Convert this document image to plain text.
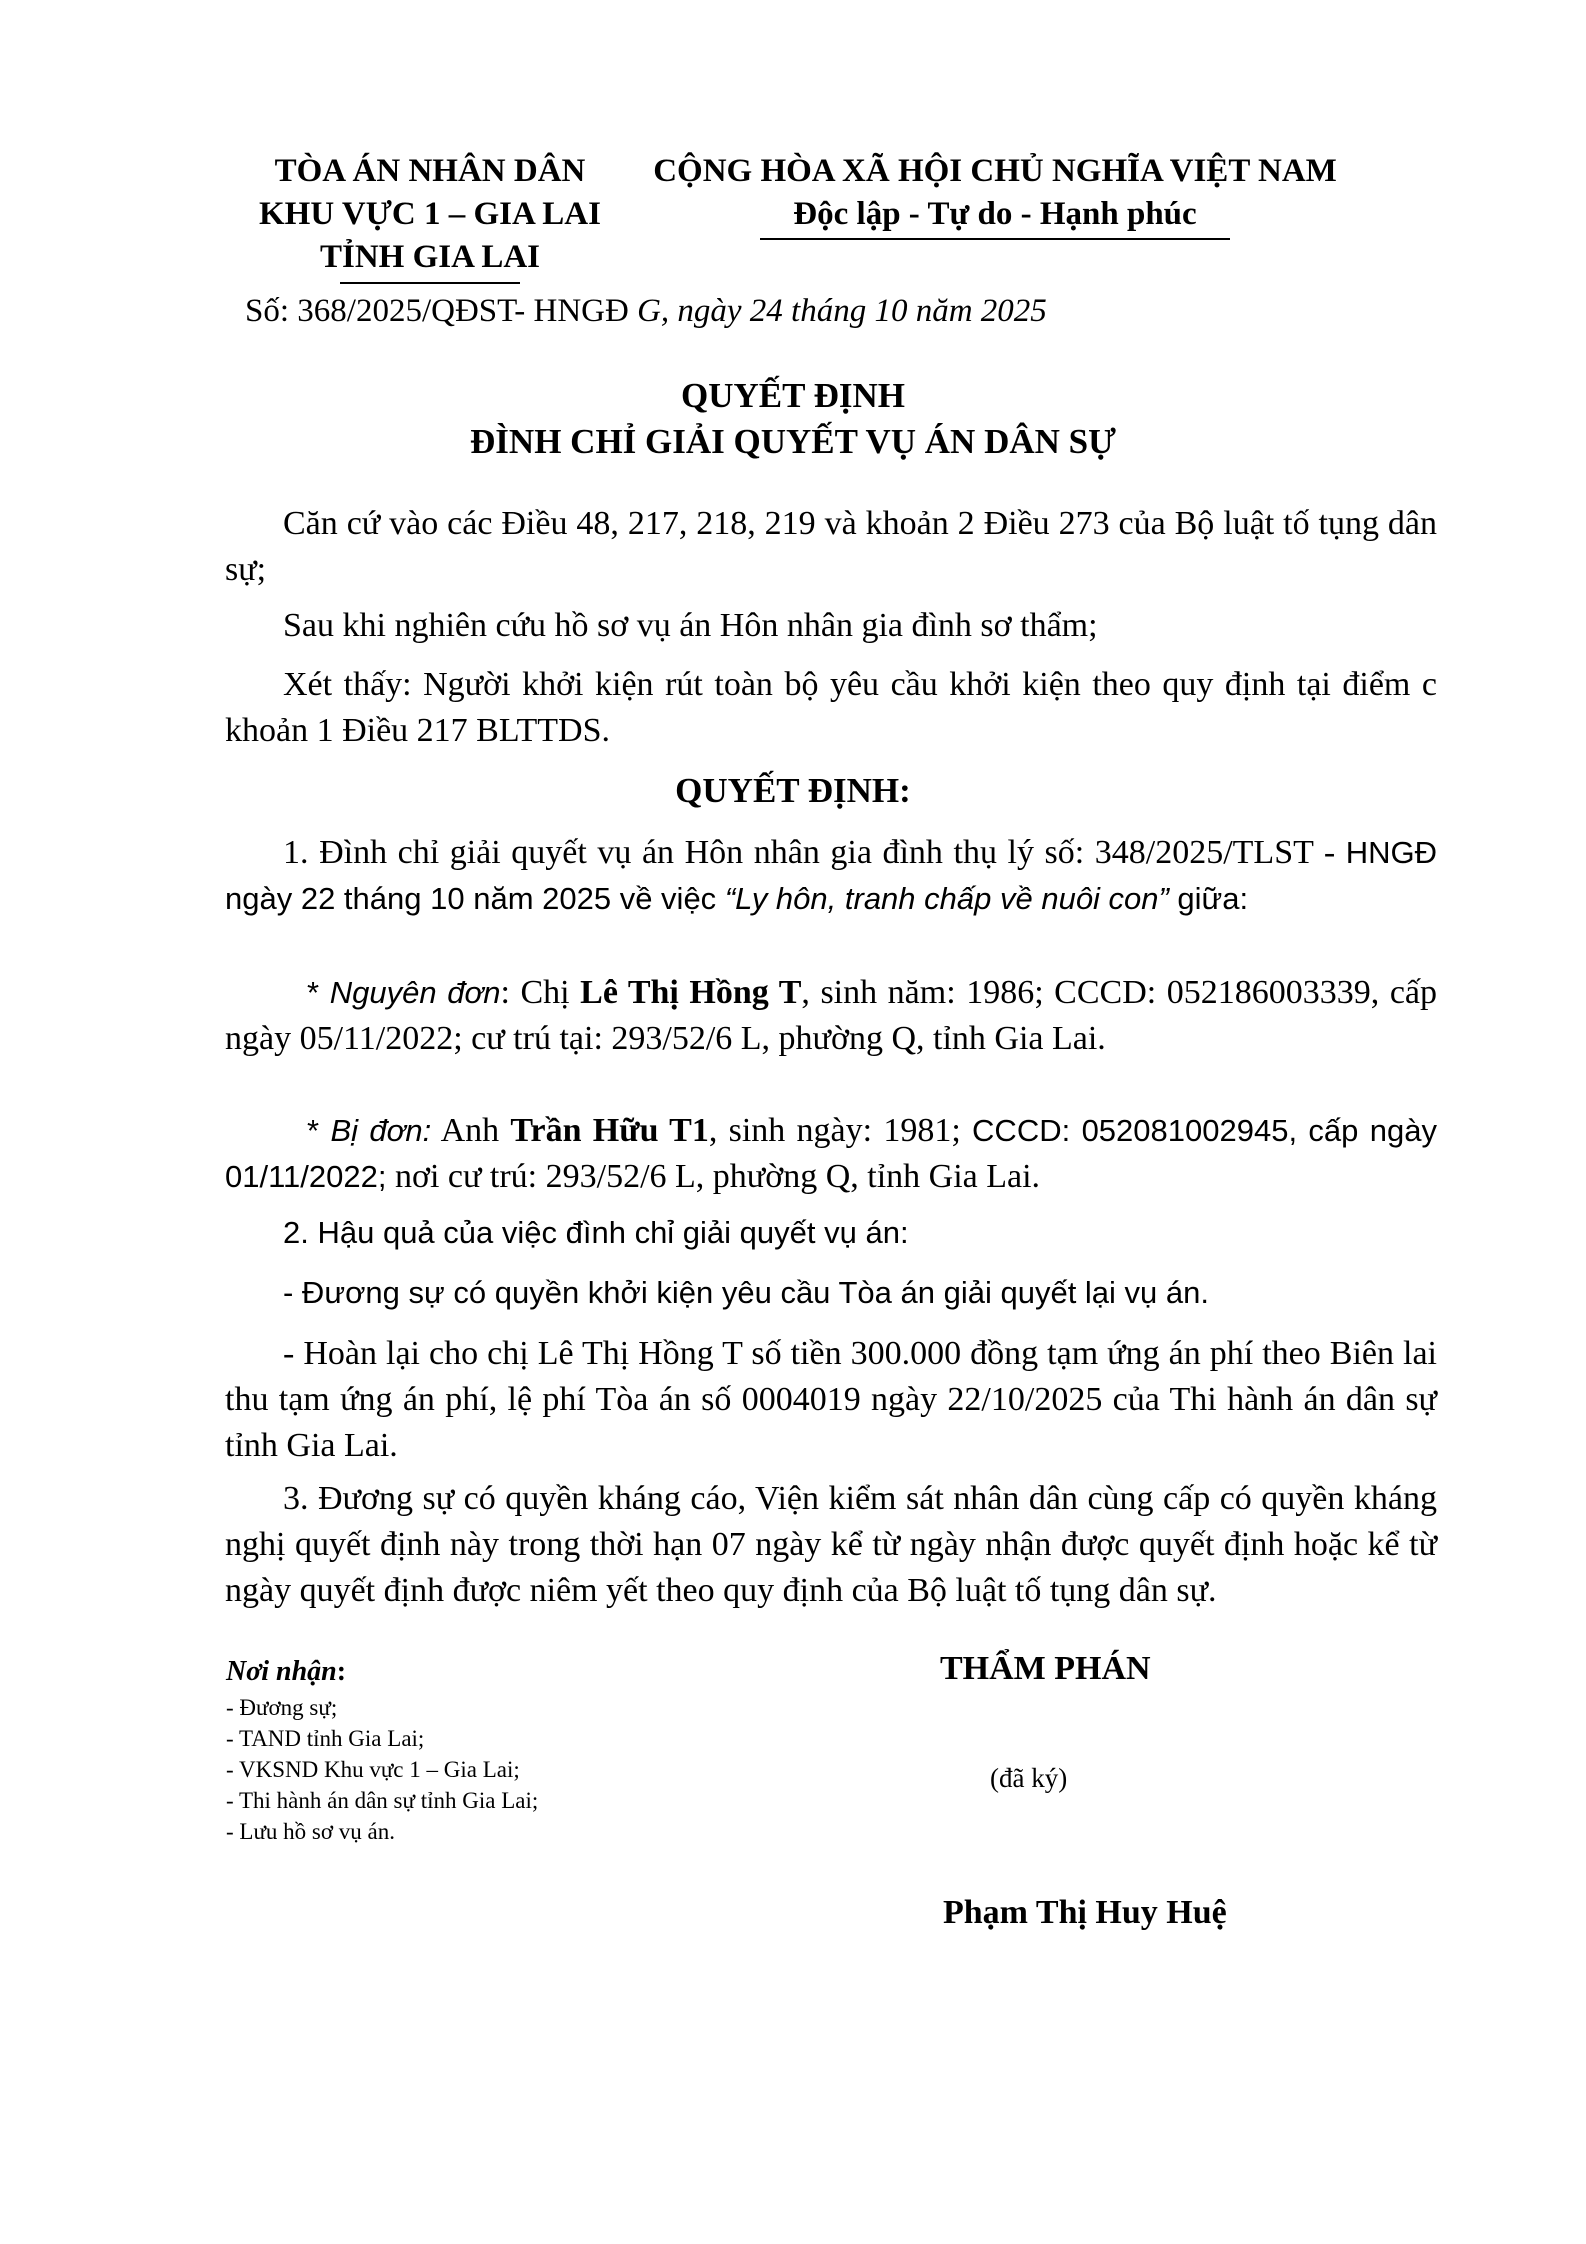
TÒA ÁN NHÂN DÂN
KHU VỰC 1 – GIA LAI
TỈNH GIA LAI
CỘNG HÒA XÃ HỘI CHỦ NGHĨA VIỆT NAM
Độc lập - Tự do - Hạnh phúc
Số: 368/2025/QĐST- HNGĐ G, ngày 24 tháng 10 năm 2025
QUYẾT ĐỊNH
ĐÌNH CHỈ GIẢI QUYẾT VỤ ÁN DÂN SỰ
Căn cứ vào các Điều 48, 217, 218, 219 và khoản 2 Điều 273 của Bộ luật tố tụng dân sự;
Sau khi nghiên cứu hồ sơ vụ án Hôn nhân gia đình sơ thẩm;
Xét thấy: Người khởi kiện rút toàn bộ yêu cầu khởi kiện theo quy định tại điểm c khoản 1 Điều 217 BLTTDS.
QUYẾT ĐỊNH:
1. Đình chỉ giải quyết vụ án Hôn nhân gia đình thụ lý số: 348/2025/TLST - HNGĐ ngày 22 tháng 10 năm 2025 về việc “Ly hôn, tranh chấp về nuôi con” giữa:
* Nguyên đơn: Chị Lê Thị Hồng T, sinh năm: 1986; CCCD: 052186003339, cấp ngày 05/11/2022; cư trú tại: 293/52/6 L, phường Q, tỉnh Gia Lai.
* Bị đơn: Anh Trần Hữu T1, sinh ngày: 1981; CCCD: 052081002945, cấp ngày 01/11/2022; nơi cư trú: 293/52/6 L, phường Q, tỉnh Gia Lai.
2. Hậu quả của việc đình chỉ giải quyết vụ án:
- Đương sự có quyền khởi kiện yêu cầu Tòa án giải quyết lại vụ án.
- Hoàn lại cho chị Lê Thị Hồng T số tiền 300.000 đồng tạm ứng án phí theo Biên lai thu tạm ứng án phí, lệ phí Tòa án số 0004019 ngày 22/10/2025 của Thi hành án dân sự tỉnh Gia Lai.
3. Đương sự có quyền kháng cáo, Viện kiểm sát nhân dân cùng cấp có quyền kháng nghị quyết định này trong thời hạn 07 ngày kể từ ngày nhận được quyết định hoặc kể từ ngày quyết định được niêm yết theo quy định của Bộ luật tố tụng dân sự.
Nơi nhận:
- Đương sự;
- TAND tỉnh Gia Lai;
- VKSND Khu vực 1 – Gia Lai;
- Thi hành án dân sự tỉnh Gia Lai;
- Lưu hồ sơ vụ án.
THẨM PHÁN
(đã ký)
Phạm Thị Huy Huệ
